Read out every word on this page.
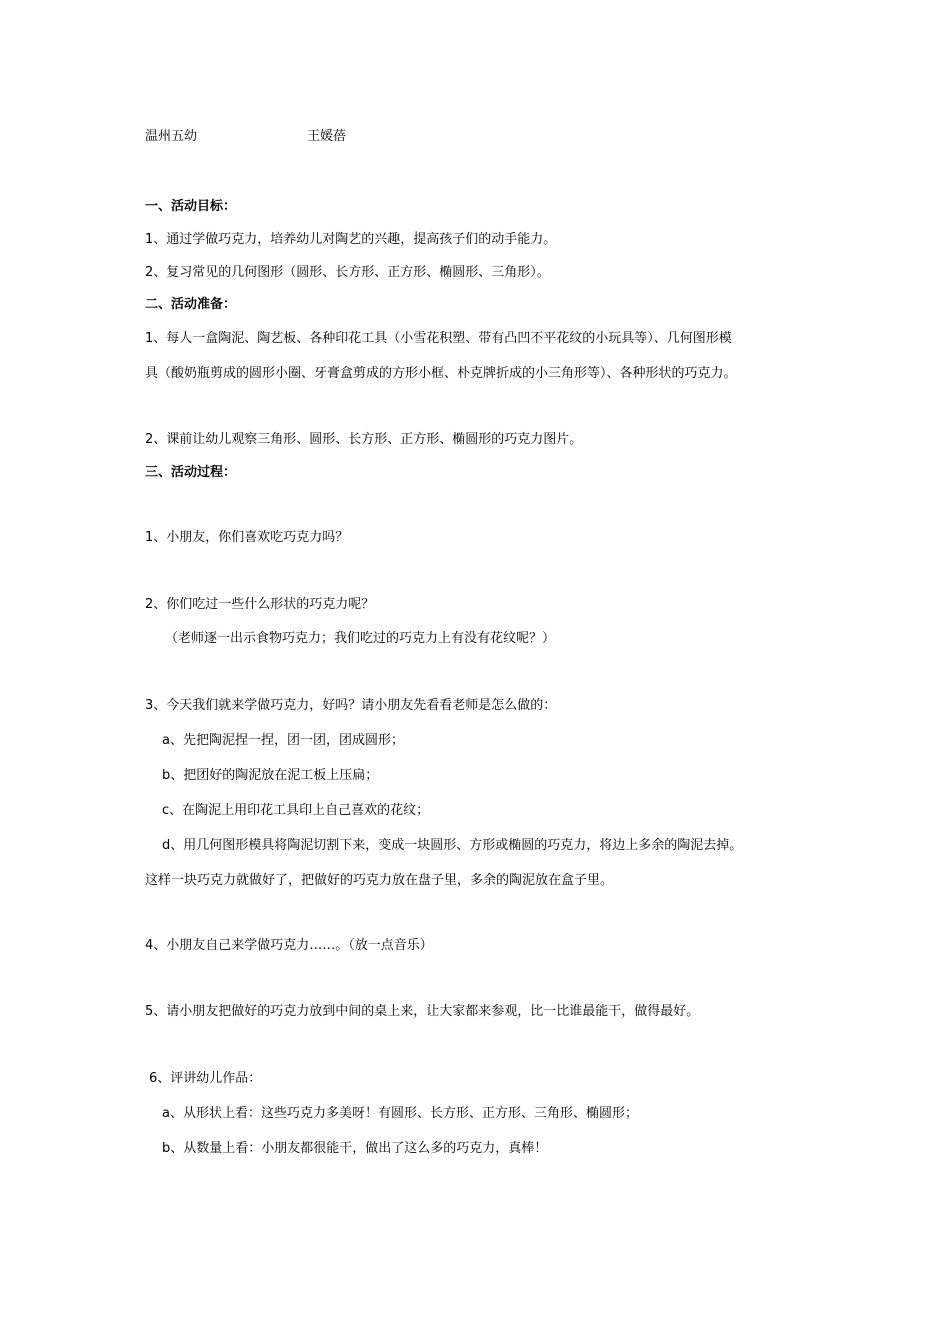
温州五幼	王媛蓓
一、活动目标：
1、通过学做巧克力，培养幼儿对陶艺的兴趣，提高孩子们的动手能力。
2、复习常见的几何图形（圆形、长方形、正方形、椭圆形、三角形）。
二、活动准备：
1、每人一盒陶泥、陶艺板、各种印花工具（小雪花积塑、带有凸凹不平花纹的小玩具等）、几何图形模
具（酸奶瓶剪成的圆形小圈、牙膏盒剪成的方形小框、朴克牌折成的小三角形等）、各种形状的巧克力。
2、课前让幼儿观察三角形、圆形、长方形、正方形、椭圆形的巧克力图片。
三、活动过程：
1、小朋友，你们喜欢吃巧克力吗？
2、你们吃过一些什么形状的巧克力呢？
（老师逐一出示食物巧克力；我们吃过的巧克力上有没有花纹呢？）
3、今天我们就来学做巧克力，好吗？请小朋友先看看老师是怎么做的：
a、先把陶泥捏一捏，团一团，团成圆形；
b、把团好的陶泥放在泥工板上压扁；
c、在陶泥上用印花工具印上自己喜欢的花纹；
d、用几何图形模具将陶泥切割下来，变成一块圆形、方形或椭圆的巧克力，将边上多余的陶泥去掉。
这样一块巧克力就做好了，把做好的巧克力放在盘子里，多余的陶泥放在盒子里。
4、小朋友自己来学做巧克力……。（放一点音乐）
5、请小朋友把做好的巧克力放到中间的桌上来，让大家都来参观，比一比谁最能干，做得最好。
6、评讲幼儿作品：
a、从形状上看：这些巧克力多美呀！有圆形、长方形、正方形、三角形、椭圆形；
b、从数量上看：小朋友都很能干，做出了这么多的巧克力，真棒！
